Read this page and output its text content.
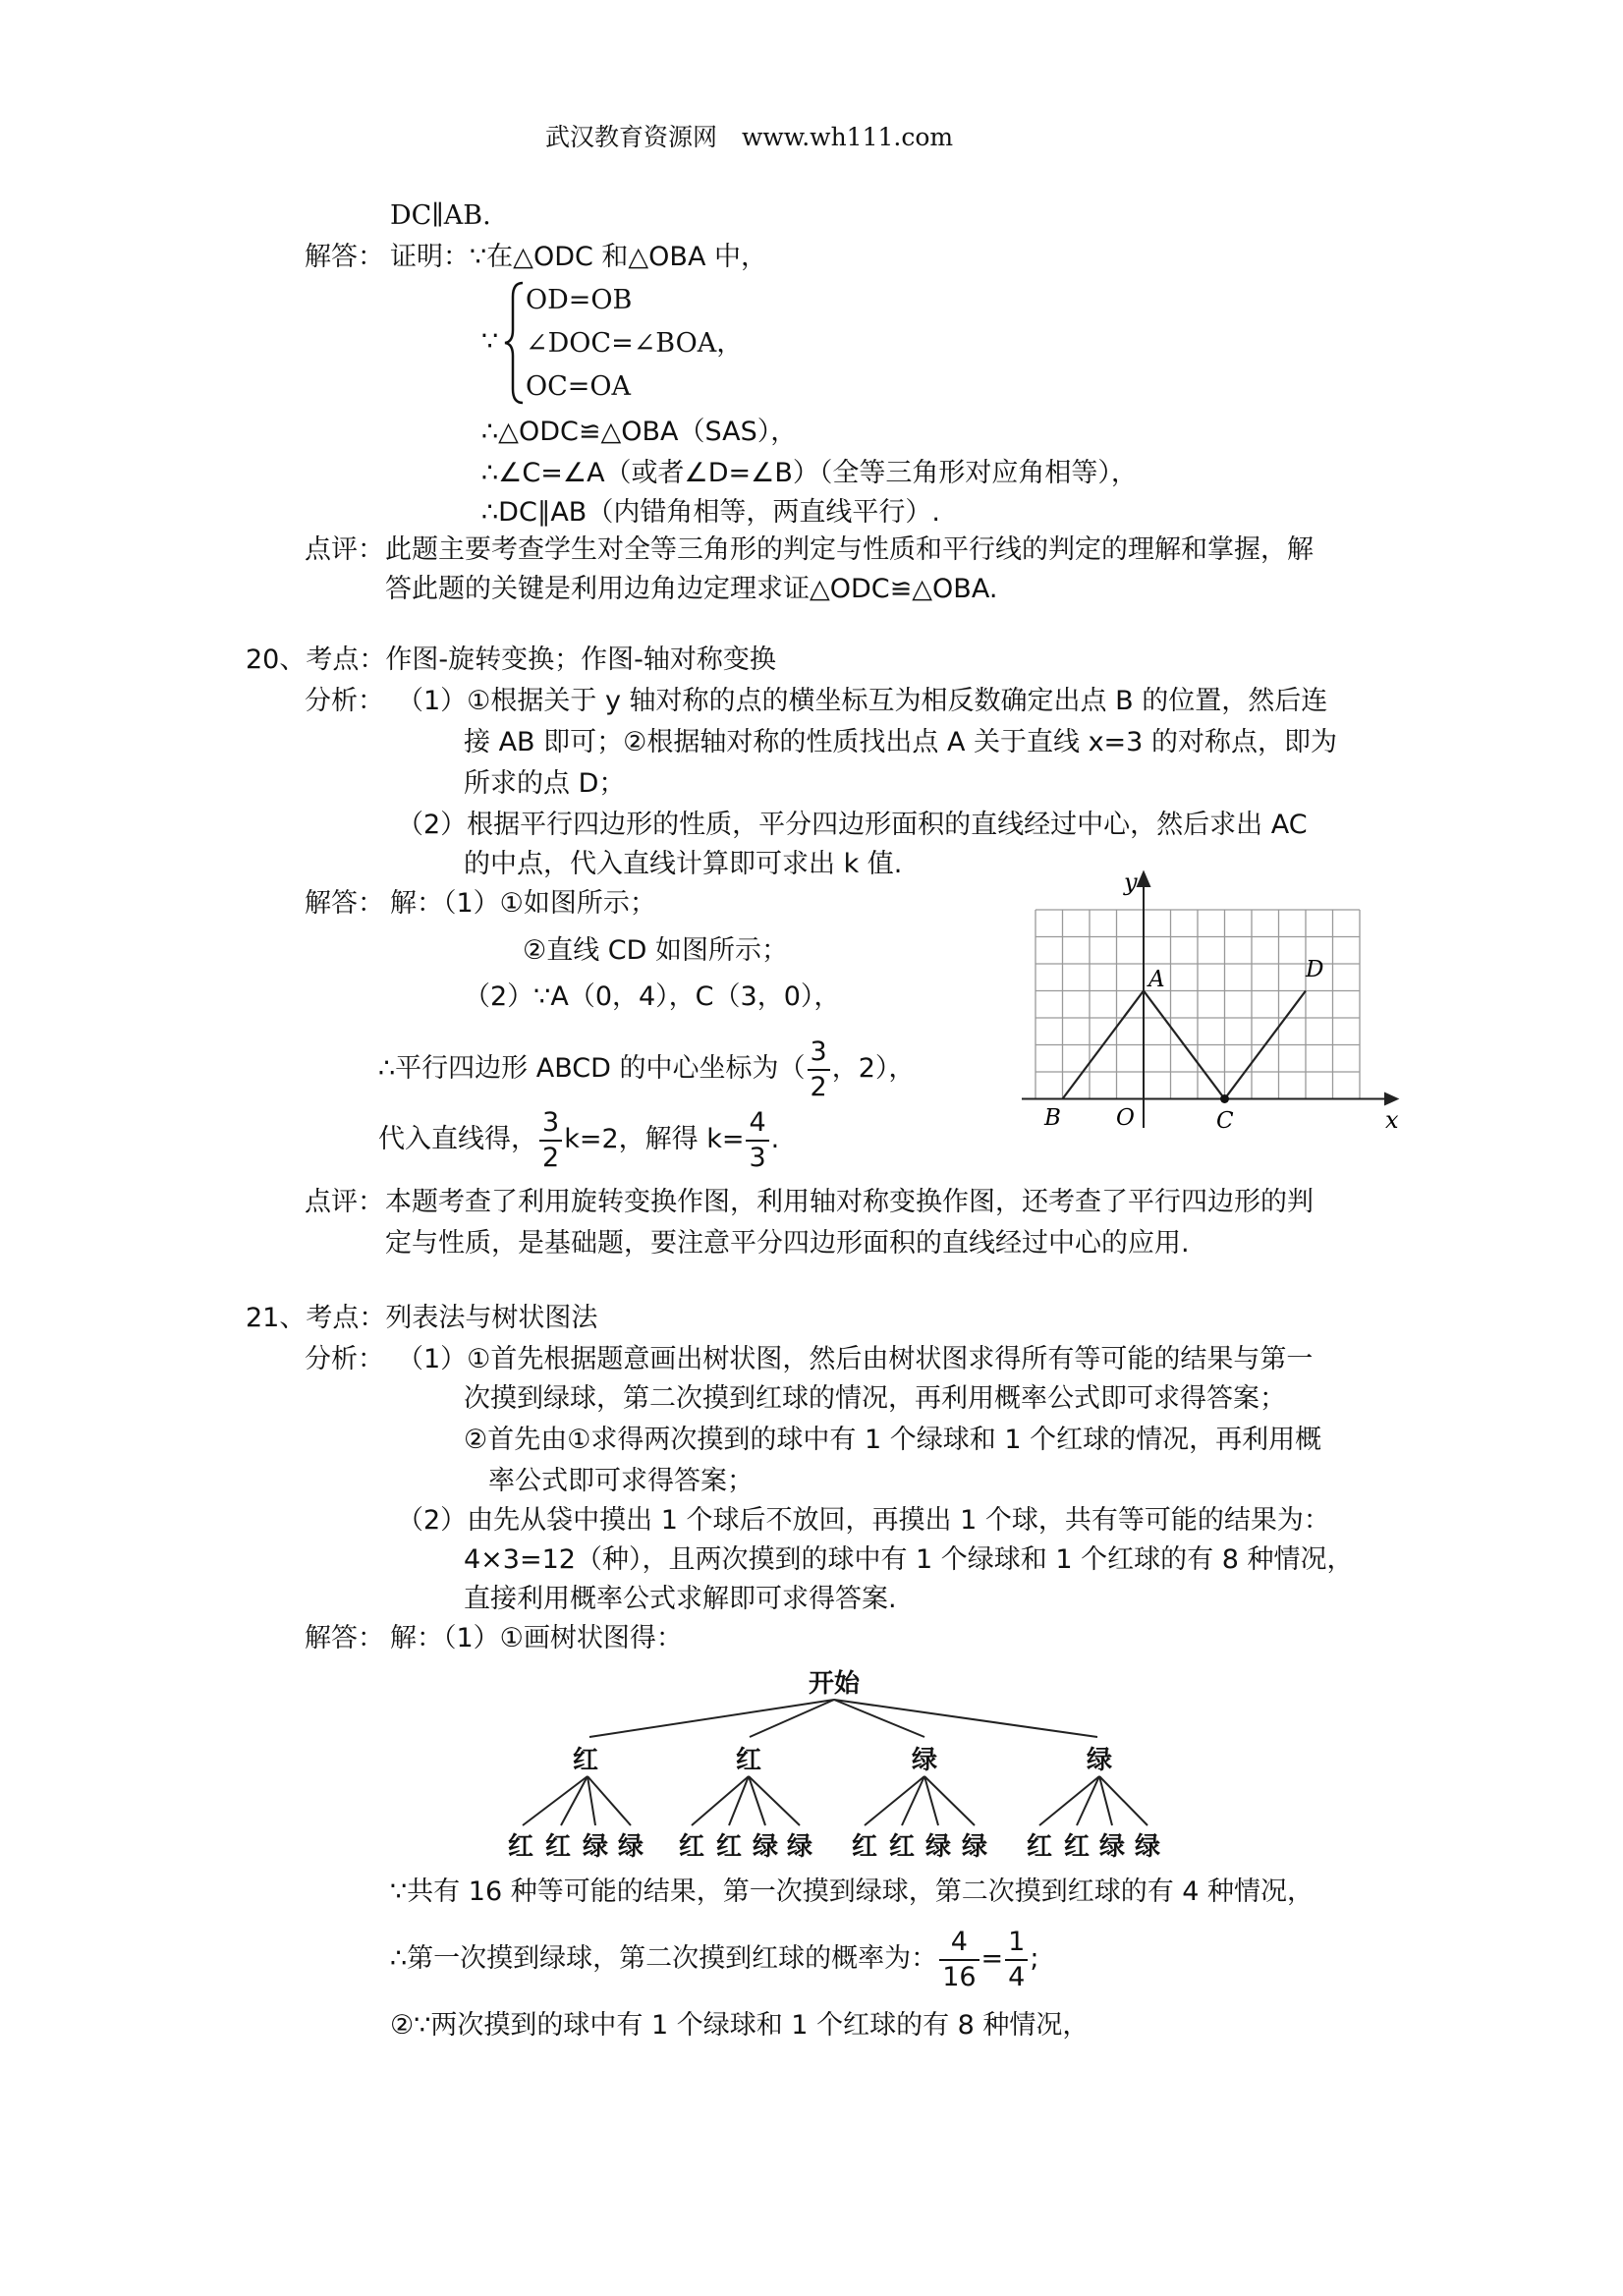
武汉教育资源网　www.wh111.com
DC∥AB.
解答： 证明：∵在△ODC 和△OBA 中，
∵
OD=OB
∠DOC=∠BOA，
OC=OA
∴△ODC≌△OBA（SAS），
∴∠C=∠A（或者∠D=∠B）（全等三角形对应角相等），
∴DC∥AB（内错角相等，两直线平行）.
点评： 此题主要考查学生对全等三角形的判定与性质和平行线的判定的理解和掌握，解
答此题的关键是利用边角边定理求证△ODC≌△OBA.
20、考点：作图-旋转变换；作图-轴对称变换
分析： （1）①根据关于 y 轴对称的点的横坐标互为相反数确定出点 B 的位置，然后连
接 AB 即可；②根据轴对称的性质找出点 A 关于直线 x=3 的对称点，即为
所求的点 D；
（2）根据平行四边形的性质，平分四边形面积的直线经过中心，然后求出 AC
的中点，代入直线计算即可求出 k 值.
解答： 解：（1）①如图所示；
②直线 CD 如图所示；
（2）∵A（0，4），C（3，0），
∴平行四边形 ABCD 的中心坐标为（ $\frac{3}{2}$ ，2），
代入直线得， $\frac{3}{2} k=2$，解得 $k= \frac{4}{3}$ .
点评： 本题考查了利用旋转变换作图，利用轴对称变换作图，还考查了平行四边形的判
定与性质，是基础题，要注意平分四边形面积的直线经过中心的应用.
y
x
A
B	C
D
O
21、考点：列表法与树状图法
分析： （1）①首先根据题意画出树状图，然后由树状图求得所有等可能的结果与第一
次摸到绿球，第二次摸到红球的情况，再利用概率公式即可求得答案；
②首先由①求得两次摸到的球中有 1 个绿球和 1 个红球的情况，再利用概
率公式即可求得答案；
（2）由先从袋中摸出 1 个球后不放回，再摸出 1 个球，共有等可能的结果为：
4×3=12（种），且两次摸到的球中有 1 个绿球和 1 个红球的有 8 种情况，
直接利用概率公式求解即可求得答案.
解答： 解：（1）①画树状图得：
开始
红	红	绿	绿
红 红 绿 绿 红 红 绿 绿 红 红 绿 绿 红 红 绿 绿
∵共有 16 种等可能的结果，第一次摸到绿球，第二次摸到红球的有 4 种情况，
∴第一次摸到绿球，第二次摸到红球的概率为： $\frac{4}{16} = \frac{1}{4}$ ;
②∵两次摸到的球中有 1 个绿球和 1 个红球的有 8 种情况，
